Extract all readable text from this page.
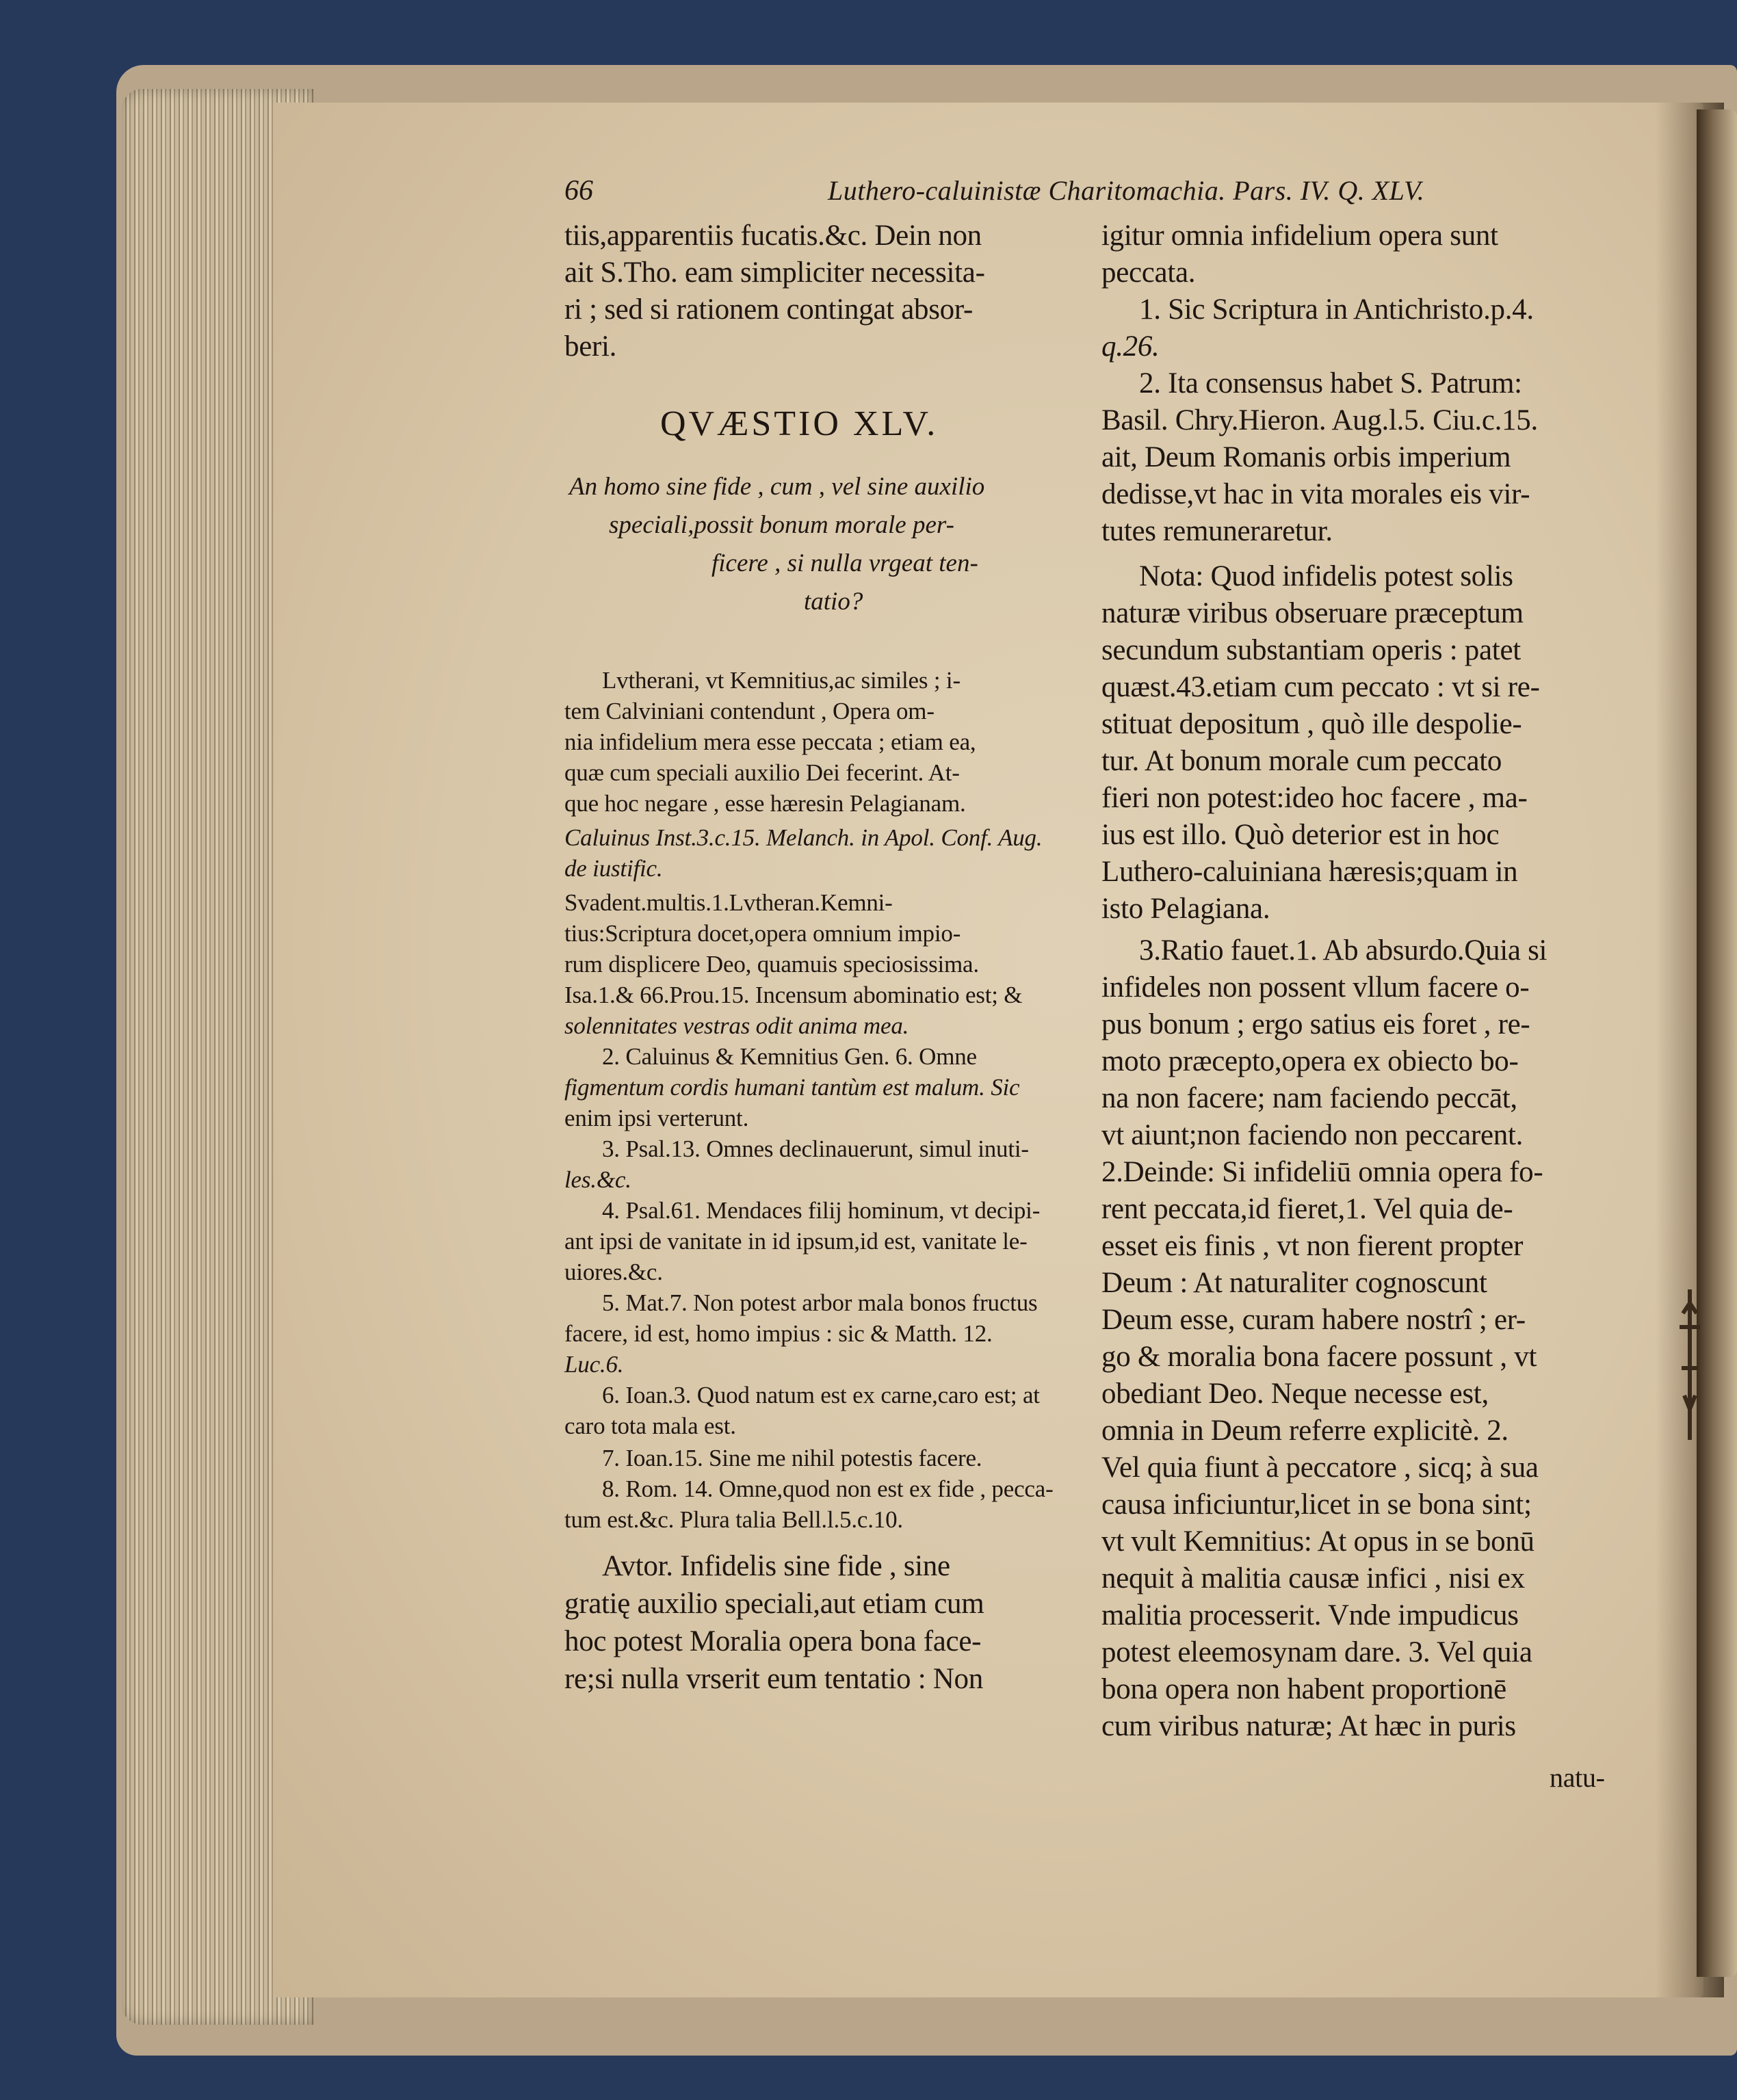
66	Luthero-caluinistæ Charitomachia. Pars. IV. Q. XLV.
tiis,apparentiis fucatis.&c. Dein non
ait S.Tho. eam simpliciter necessita-
ri ; sed si rationem contingat absor-
beri.
QVÆSTIO XLV.
An homo sine fide , cum , vel sine auxilio
speciali,possit bonum morale per-
ficere , si nulla vrgeat ten-
tatio?
Lvtherani, vt Kemnitius,ac similes ; i-
tem Calviniani contendunt , Opera om-
nia infidelium mera esse peccata ; etiam ea,
quæ cum speciali auxilio Dei fecerint. At-
que hoc negare , esse hæresin Pelagianam.
Caluinus Inst.3.c.15. Melanch. in Apol. Conf. Aug.
de iustific.
Svadent.multis.1.Lvtheran.Kemni-
tius:Scriptura docet,opera omnium impio-
rum displicere Deo, quamuis speciosissima.
Isa.1.& 66.Prou.15. Incensum abominatio est; &
solennitates vestras odit anima mea.
2. Caluinus & Kemnitius Gen. 6. Omne
figmentum cordis humani tantùm est malum. Sic
enim ipsi verterunt.
3. Psal.13. Omnes declinauerunt, simul inuti-
les.&c.
4. Psal.61. Mendaces filij hominum, vt decipi-
ant ipsi de vanitate in id ipsum,id est, vanitate le-
uiores.&c.
5. Mat.7. Non potest arbor mala bonos fructus
facere, id est, homo impius : sic & Matth. 12.
Luc.6.
6. Ioan.3. Quod natum est ex carne,caro est; at
caro tota mala est.
7. Ioan.15. Sine me nihil potestis facere.
8. Rom. 14. Omne,quod non est ex fide , pecca-
tum est.&c. Plura talia Bell.l.5.c.10.
Avtor. Infidelis sine fide , sine
gratię auxilio speciali,aut etiam cum
hoc potest Moralia opera bona face-
re;si nulla vrserit eum tentatio : Non
igitur omnia infidelium opera sunt
peccata.
1. Sic Scriptura in Antichristo.p.4.
q.26.
2. Ita consensus habet S. Patrum:
Basil. Chry.Hieron. Aug.l.5. Ciu.c.15.
ait, Deum Romanis orbis imperium
dedisse,vt hac in vita morales eis vir-
tutes remuneraretur.
Nota: Quod infidelis potest solis
naturæ viribus obseruare præceptum
secundum substantiam operis : patet
quæst.43.etiam cum peccato : vt si re-
stituat depositum , quò ille despolie-
tur. At bonum morale cum peccato
fieri non potest:ideo hoc facere , ma-
ius est illo. Quò deterior est in hoc
Luthero-caluiniana hæresis;quam in
isto Pelagiana.
3.Ratio fauet.1. Ab absurdo.Quia si
infideles non possent vllum facere o-
pus bonum ; ergo satius eis foret , re-
moto præcepto,opera ex obiecto bo-
na non facere; nam faciendo peccāt,
vt aiunt;non faciendo non peccarent.
2.Deinde: Si infideliū omnia opera fo-
rent peccata,id fieret,1. Vel quia de-
esset eis finis , vt non fierent propter
Deum : At naturaliter cognoscunt
Deum esse, curam habere nostrî ; er-
go & moralia bona facere possunt , vt
obediant Deo. Neque necesse est,
omnia in Deum referre explicitè. 2.
Vel quia fiunt à peccatore , sicq; à sua
causa inficiuntur,licet in se bona sint;
vt vult Kemnitius: At opus in se bonū
nequit à malitia causæ infici , nisi ex
malitia processerit. Vnde impudicus
potest eleemosynam dare. 3. Vel quia
bona opera non habent proportionē
cum viribus naturæ; At hæc in puris
natu-
